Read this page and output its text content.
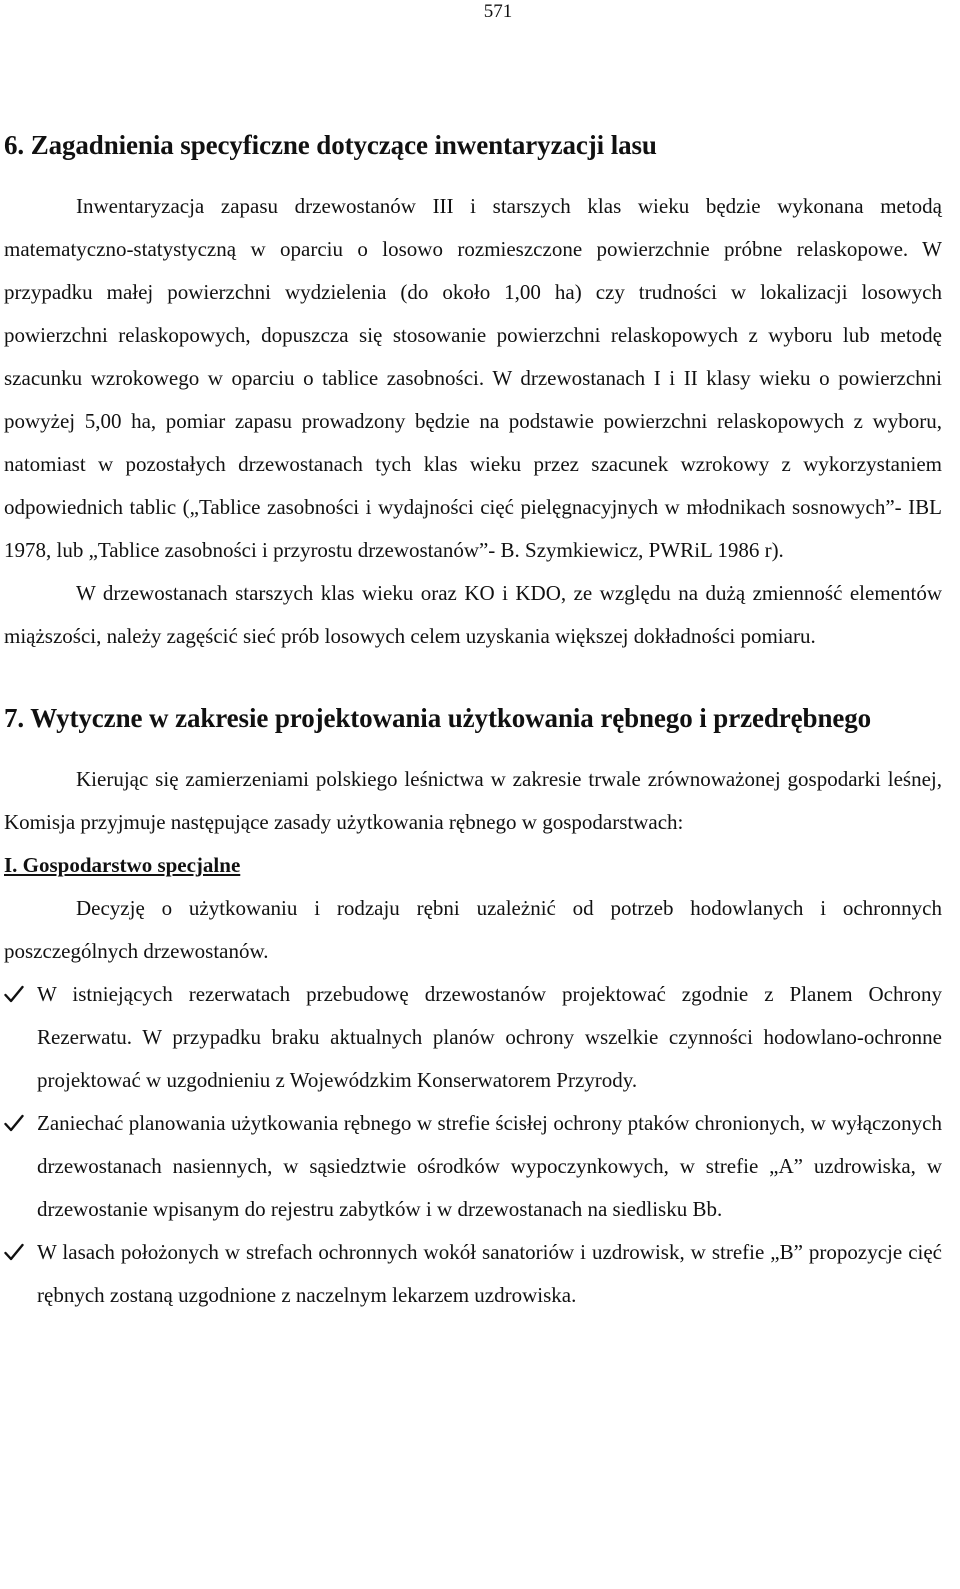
571
6. Zagadnienia specyficzne dotyczące inwentaryzacji lasu

Inwentaryzacja zapasu drzewostanów III i starszych klas wieku będzie wykonana metodą matematyczno-statystyczną w oparciu o losowo rozmieszczone powierzchnie próbne relaskopowe. W przypadku małej powierzchni wydzielenia (do około 1,00 ha) czy trudności w lokalizacji losowych powierzchni relaskopowych, dopuszcza się stosowanie powierzchni relaskopowych z wyboru lub metodę szacunku wzrokowego w oparciu o tablice zasobności. W drzewostanach I i II klasy wieku o powierzchni powyżej 5,00 ha, pomiar zapasu prowadzony będzie na podstawie powierzchni relaskopowych z wyboru, natomiast w pozostałych drzewostanach tych klas wieku przez szacunek wzrokowy z wykorzystaniem odpowiednich tablic („Tablice zasobności i wydajności cięć pielęgnacyjnych w młodnikach sosnowych”- IBL 1978, lub „Tablice zasobności i przyrostu drzewostanów”- B. Szymkiewicz, PWRiL 1986 r).

W drzewostanach starszych klas wieku oraz KO i KDO, ze względu na dużą zmienność elementów miąższości, należy zagęścić sieć prób losowych celem uzyskania większej dokładności pomiaru.

7. Wytyczne w zakresie projektowania użytkowania rębnego i przedrębnego

Kierując się zamierzeniami polskiego leśnictwa w zakresie trwale zrównoważonej gospodarki leśnej, Komisja przyjmuje następujące zasady użytkowania rębnego w gospodarstwach:

I. Gospodarstwo specjalne

Decyzję o użytkowaniu i rodzaju rębni uzależnić od potrzeb hodowlanych i ochronnych poszczególnych drzewostanów.

W istniejących rezerwatach przebudowę drzewostanów projektować zgodnie z Planem Ochrony Rezerwatu. W przypadku braku aktualnych planów ochrony wszelkie czynności hodowlano-ochronne projektować w uzgodnieniu z Wojewódzkim Konserwatorem Przyrody.

Zaniechać planowania użytkowania rębnego w strefie ścisłej ochrony ptaków chronionych, w wyłączonych drzewostanach nasiennych, w sąsiedztwie ośrodków wypoczynkowych, w strefie „A” uzdrowiska, w drzewostanie wpisanym do rejestru zabytków i w drzewostanach na siedlisku Bb.

W lasach położonych w strefach ochronnych wokół sanatoriów i uzdrowisk, w strefie „B” propozycje cięć rębnych zostaną uzgodnione z naczelnym lekarzem uzdrowiska.
